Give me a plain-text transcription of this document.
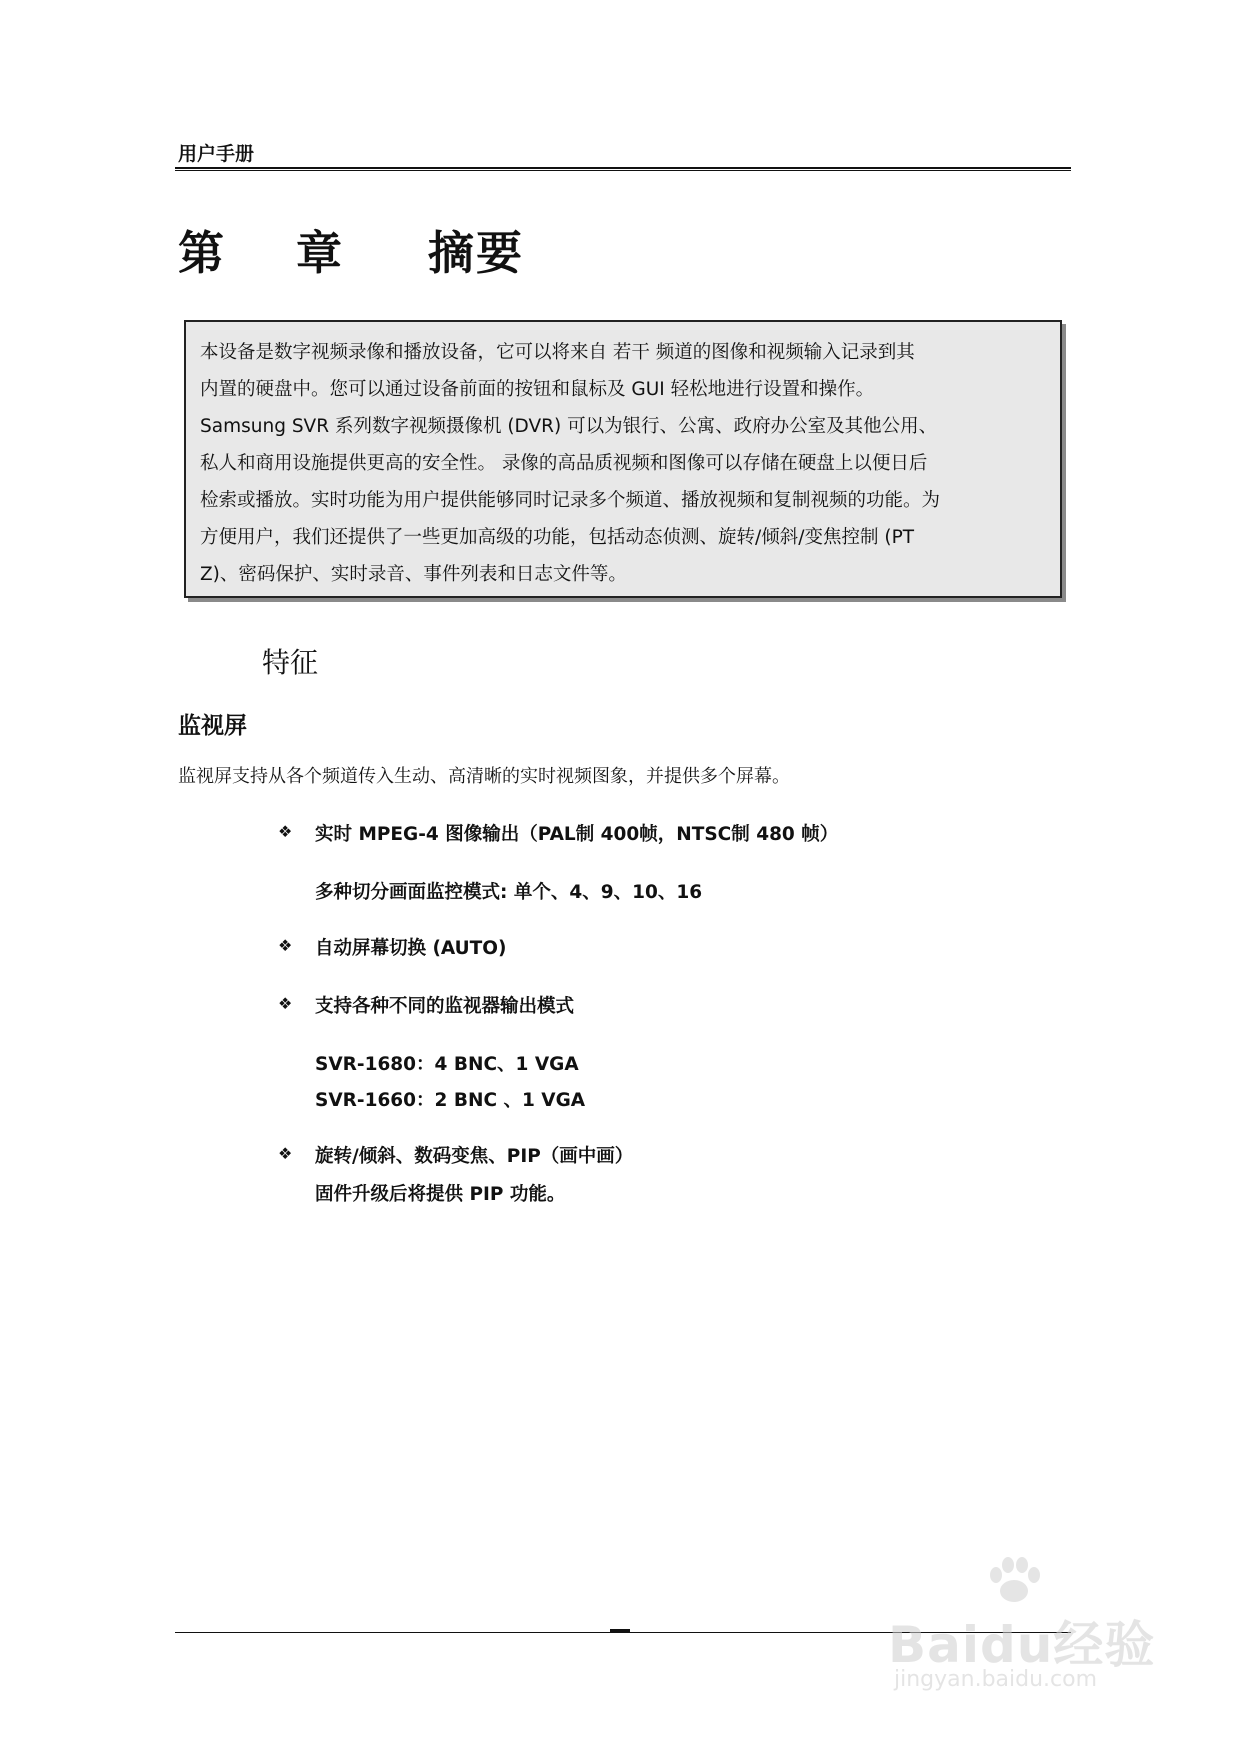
用户手册
第 章 摘要

本设备是数字视频录像和播放设备，它可以将来自 若干 频道的图像和视频输入记录到其

内置的硬盘中。您可以通过设备前面的按钮和鼠标及 GUI 轻松地进行设置和操作。

Samsung SVR 系列数字视频摄像机 (DVR) 可以为银行、公寓、政府办公室及其他公用、

私人和商用设施提供更高的安全性。 录像的高品质视频和图像可以存储在硬盘上以便日后

检索或播放。实时功能为用户提供能够同时记录多个频道、播放视频和复制视频的功能。为

方便用户，我们还提供了一些更加高级的功能，包括动态侦测、旋转/倾斜/变焦控制 (PT

Z)、密码保护、实时录音、事件列表和日志文件等。

特征
监视屏
监视屏支持从各个频道传入生动、高清晰的实时视频图象，并提供多个屏幕。
❖ 实时 MPEG-4 图像输出（PAL制 400帧，NTSC制 480 帧）
多种切分画面监控模式: 单个、4、9、10、16
❖ 自动屏幕切换 (AUTO)
❖ 支持各种不同的监视器输出模式
SVR-1680：4 BNC、1 VGA
SVR-1660：2 BNC 、1 VGA
❖ 旋转/倾斜、数码变焦、PIP（画中画）
固件升级后将提供 PIP 功能。
Baidu经验
jingyan.baidu.com
